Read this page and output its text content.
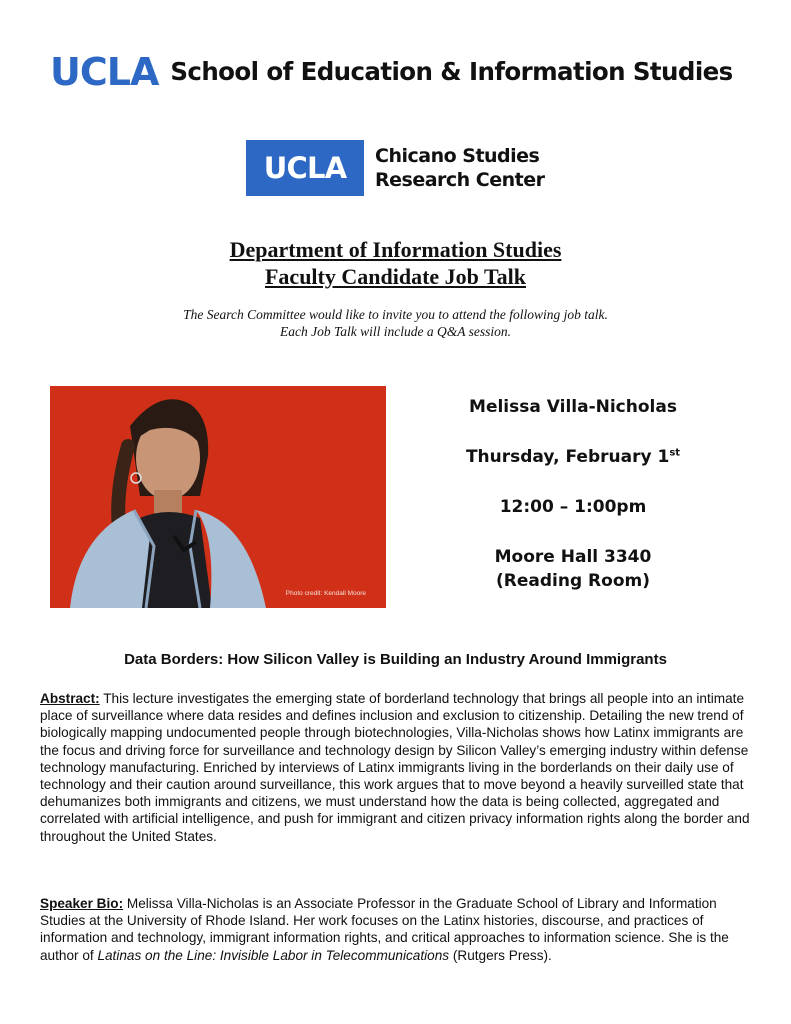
UCLA School of Education & Information Studies
UCLA Chicano Studies
Research Center
Department of Information Studies
Faculty Candidate Job Talk
The Search Committee would like to invite you to attend the following job talk.
Each Job Talk will include a Q&A session.
Photo credit: Kendall Moore
Melissa Villa-Nicholas
Thursday, February 1st
12:00 – 1:00pm
Moore Hall 3340
(Reading Room)
Data Borders: How Silicon Valley is Building an Industry Around Immigrants
Abstract: This lecture investigates the emerging state of borderland technology that brings all people into an intimate place of surveillance where data resides and defines inclusion and exclusion to citizenship. Detailing the new trend of biologically mapping undocumented people through biotechnologies, Villa-Nicholas shows how Latinx immigrants are the focus and driving force for surveillance and technology design by Silicon Valley’s emerging industry within defense technology manufacturing. Enriched by interviews of Latinx immigrants living in the borderlands on their daily use of technology and their caution around surveillance, this work argues that to move beyond a heavily surveilled state that dehumanizes both immigrants and citizens, we must understand how the data is being collected, aggregated and correlated with artificial intelligence, and push for immigrant and citizen privacy information rights along the border and throughout the United States.
Speaker Bio: Melissa Villa-Nicholas is an Associate Professor in the Graduate School of Library and Information Studies at the University of Rhode Island. Her work focuses on the Latinx histories, discourse, and practices of information and technology, immigrant information rights, and critical approaches to information science. She is the author of Latinas on the Line: Invisible Labor in Telecommunications (Rutgers Press).
